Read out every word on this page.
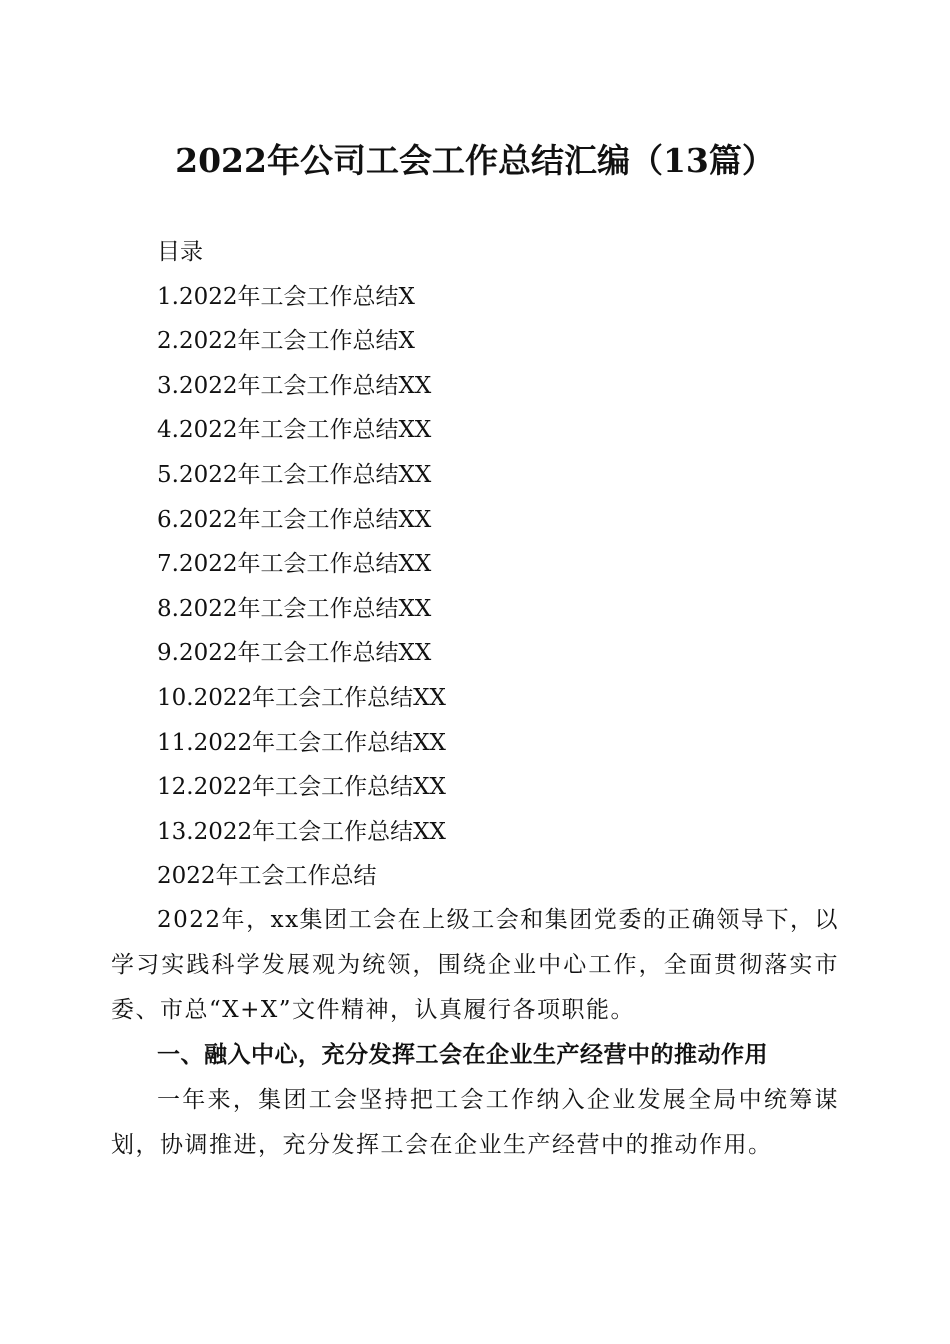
2022年公司工会工作总结汇编（13篇）
目录
1.2022年工会工作总结X
2.2022年工会工作总结X
3.2022年工会工作总结XX
4.2022年工会工作总结XX
5.2022年工会工作总结XX
6.2022年工会工作总结XX
7.2022年工会工作总结XX
8.2022年工会工作总结XX
9.2022年工会工作总结XX
10.2022年工会工作总结XX
11.2022年工会工作总结XX
12.2022年工会工作总结XX
13.2022年工会工作总结XX
2022年工会工作总结

2022年，xx集团工会在上级工会和集团党委的正确领导下，以学习实践科学发展观为统领，围绕企业中心工作，全面贯彻落实市委、市总“X+X”文件精神，认真履行各项职能。

一、融入中心，充分发挥工会在企业生产经营中的推动作用

一年来，集团工会坚持把工会工作纳入企业发展全局中统筹谋划，协调推进，充分发挥工会在企业生产经营中的推动作用。
